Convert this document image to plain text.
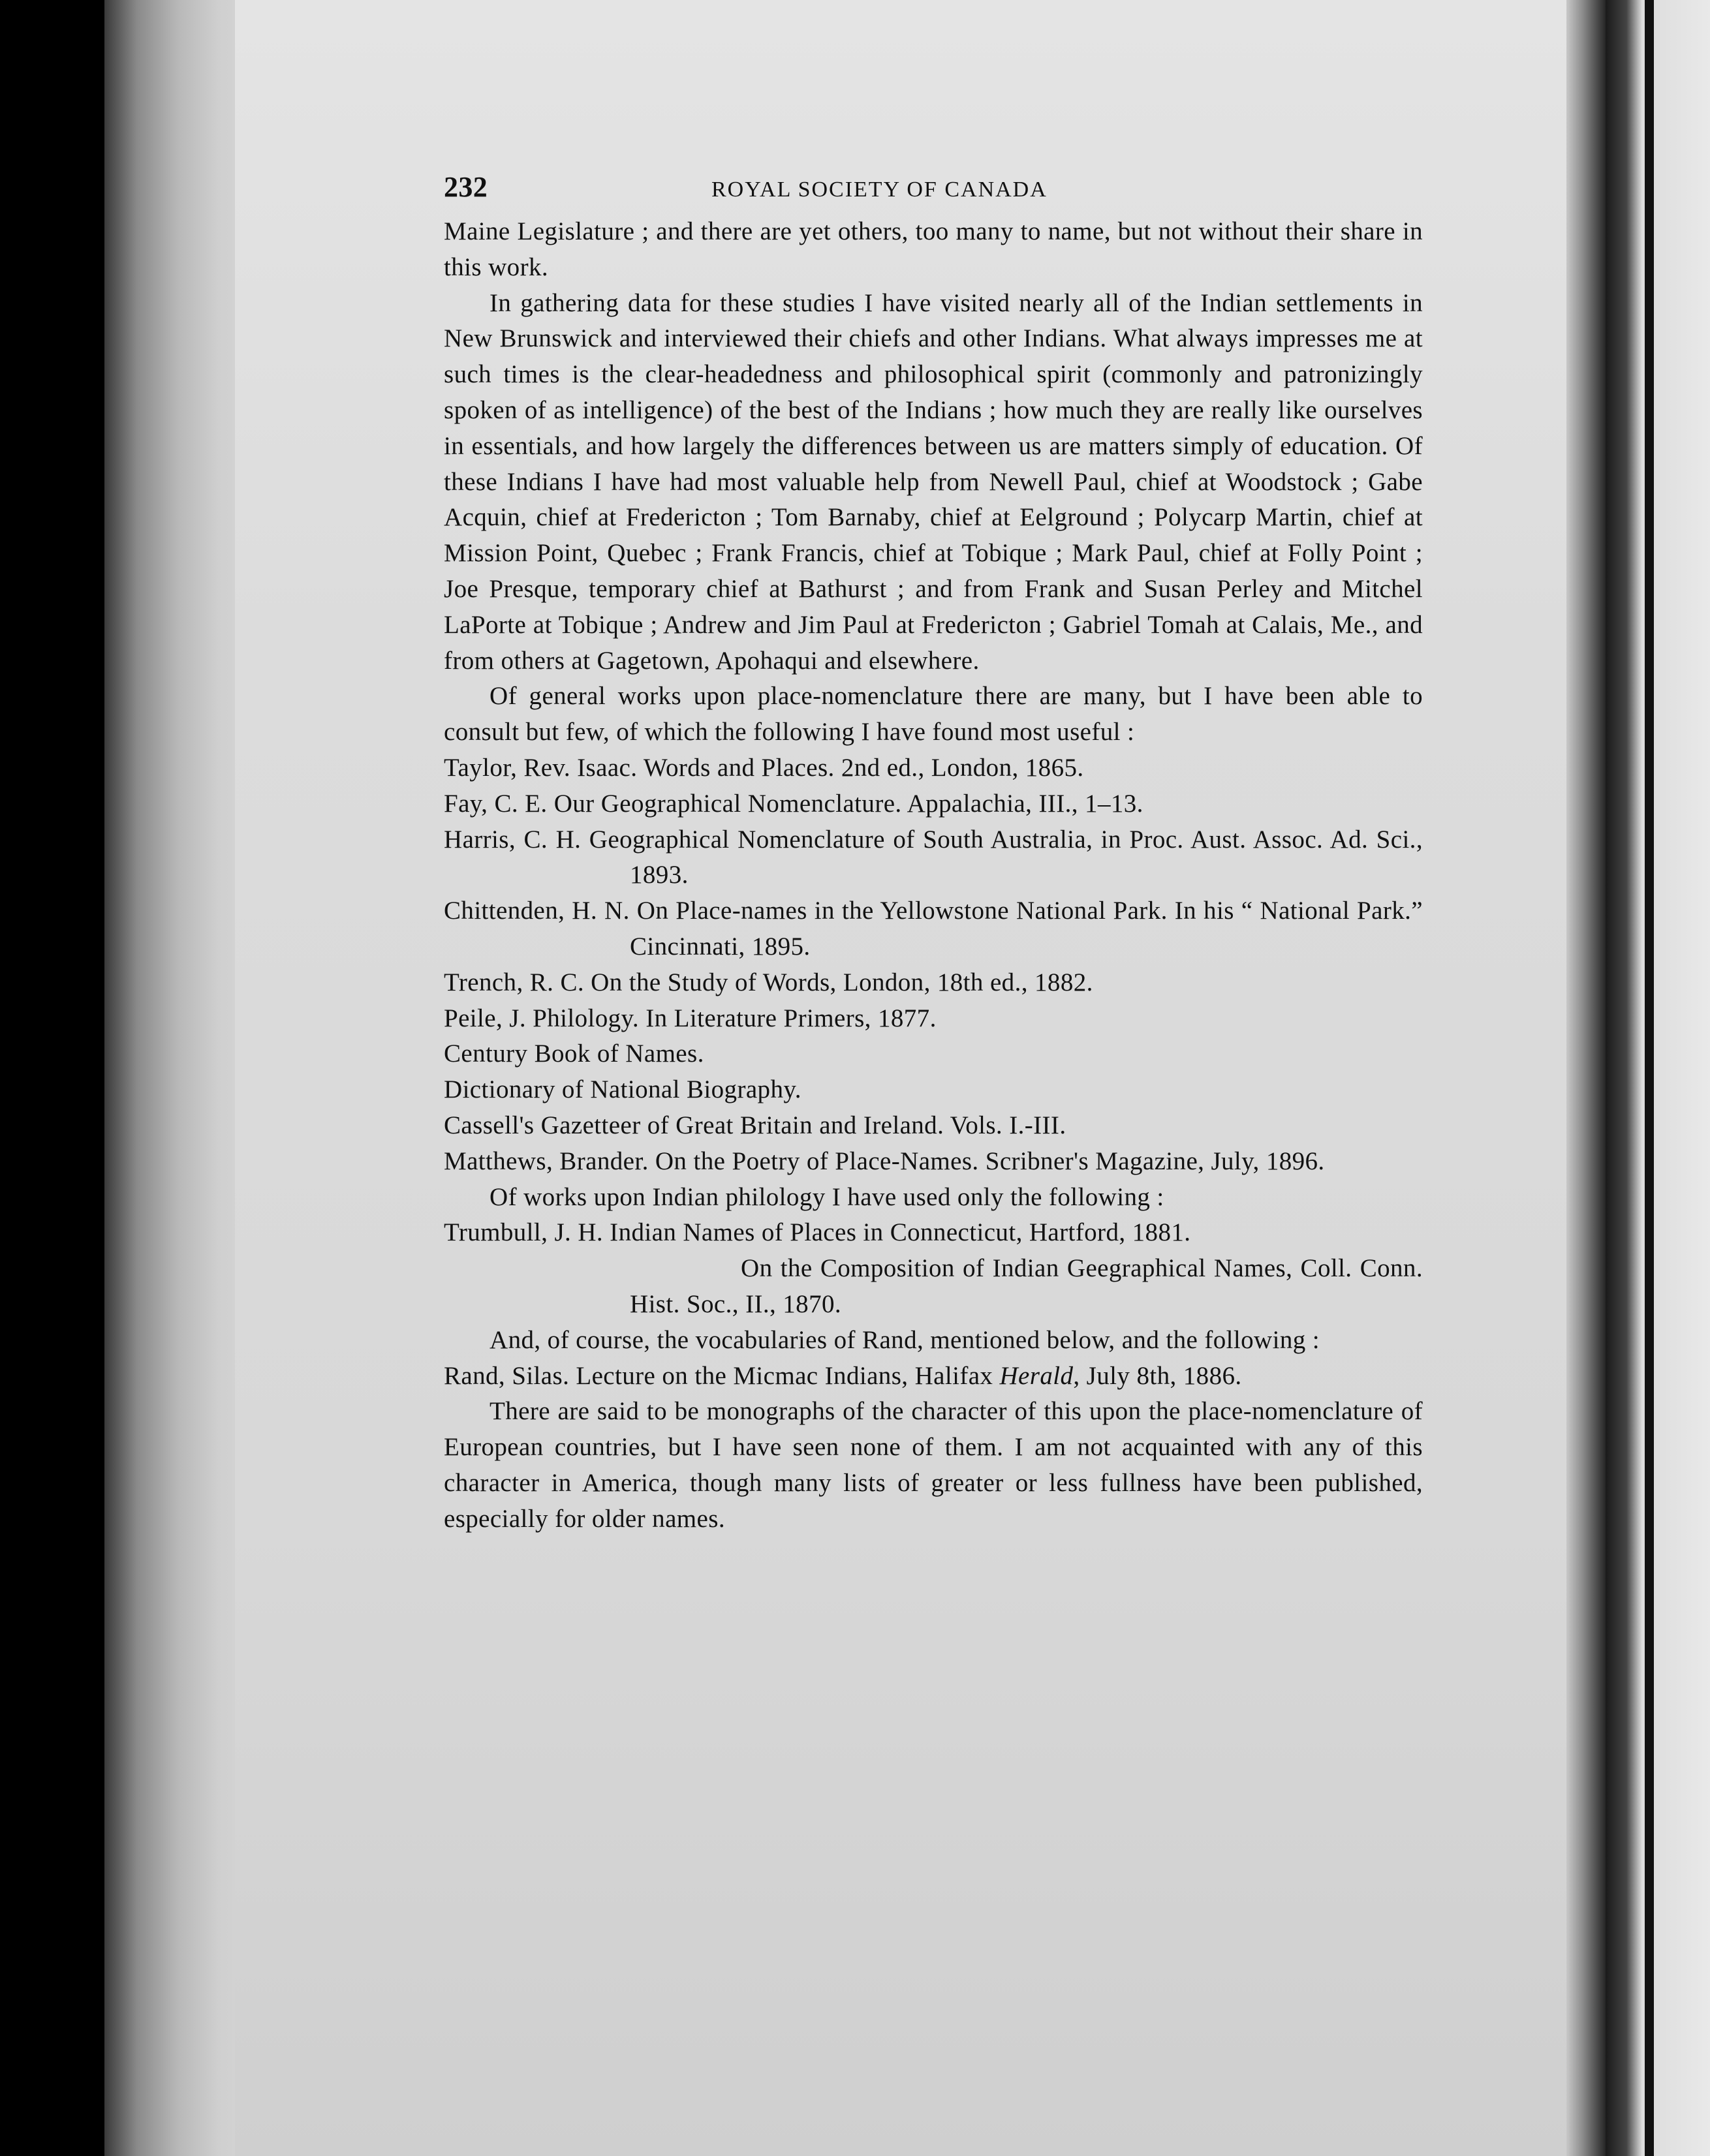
232	ROYAL SOCIETY OF CANADA

Maine Legislature ; and there are yet others, too many to name, but not without their share in this work.

In gathering data for these studies I have visited nearly all of the Indian settlements in New Brunswick and interviewed their chiefs and other Indians. What always impresses me at such times is the clear-headedness and philosophical spirit (commonly and patronizingly spoken of as intelligence) of the best of the Indians ; how much they are really like ourselves in essentials, and how largely the differences between us are matters simply of education. Of these Indians I have had most valuable help from Newell Paul, chief at Woodstock ; Gabe Acquin, chief at Fredericton ; Tom Barnaby, chief at Eelground ; Polycarp Martin, chief at Mission Point, Quebec ; Frank Francis, chief at Tobique ; Mark Paul, chief at Folly Point ; Joe Presque, temporary chief at Bathurst ; and from Frank and Susan Perley and Mitchel LaPorte at Tobique ; Andrew and Jim Paul at Fredericton ; Gabriel Tomah at Calais, Me., and from others at Gagetown, Apohaqui and elsewhere.

Of general works upon place-nomenclature there are many, but I have been able to consult but few, of which the following I have found most useful :

Taylor, Rev. Isaac. Words and Places. 2nd ed., London, 1865.

Fay, C. E. Our Geographical Nomenclature. Appalachia, III., 1–13.

Harris, C. H. Geographical Nomenclature of South Australia, in Proc. Aust. Assoc. Ad. Sci., 1893.

Chittenden, H. N. On Place-names in the Yellowstone National Park. In his “ National Park.” Cincinnati, 1895.

Trench, R. C. On the Study of Words, London, 18th ed., 1882.

Peile, J. Philology. In Literature Primers, 1877.

Century Book of Names.

Dictionary of National Biography.

Cassell's Gazetteer of Great Britain and Ireland. Vols. I.-III.

Matthews, Brander. On the Poetry of Place-Names. Scribner's Magazine, July, 1896.

Of works upon Indian philology I have used only the following :

Trumbull, J. H. Indian Names of Places in Connecticut, Hartford, 1881.

On the Composition of Indian Geegraphical Names, Coll. Conn. Hist. Soc., II., 1870.

And, of course, the vocabularies of Rand, mentioned below, and the following :

Rand, Silas. Lecture on the Micmac Indians, Halifax Herald, July 8th, 1886.

There are said to be monographs of the character of this upon the place-nomenclature of European countries, but I have seen none of them. I am not acquainted with any of this character in America, though many lists of greater or less fullness have been published, especially for older names.
